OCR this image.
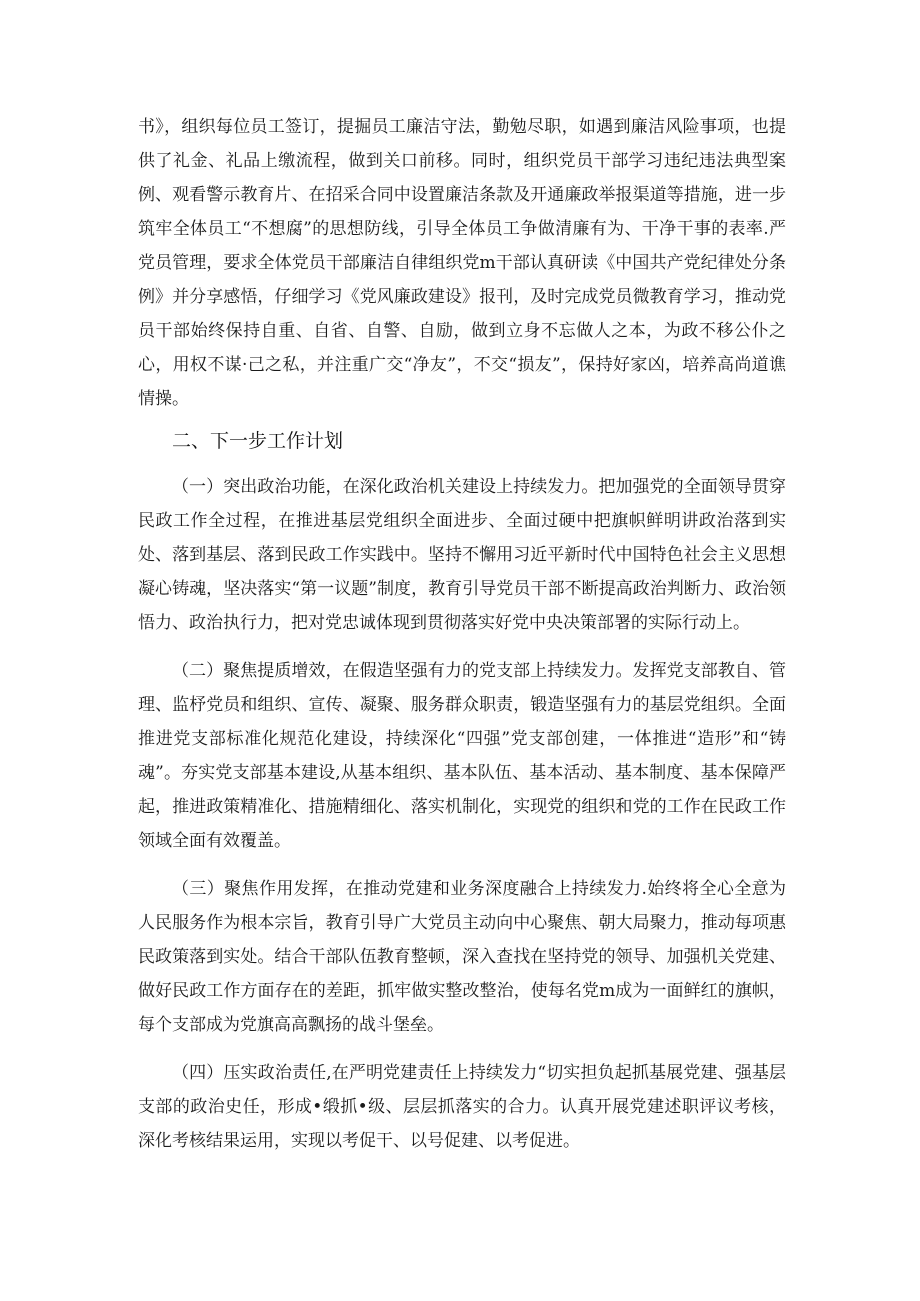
书》，组织每位员工签订，提掘员工廉洁守法，勤勉尽职，如遇到廉洁风险事项，也提供了礼金、礼品上缴流程，做到关口前移。同时，组织党员干部学习违纪违法典型案例、观看警示教育片、在招采合同中设置廉洁条款及开通廉政举报渠道等措施，进一步筑牢全体员工“不想腐”的思想防线，引导全体员工争做清廉有为、干净干事的表率.严党员管理，要求全体党员干部廉洁自律组织党m干部认真研读《中国共产党纪律处分条例》并分享感悟，仔细学习《党风廉政建设》报刊，及时完成党员微教育学习，推动党员干部始终保持自重、自省、自警、自励，做到立身不忘做人之本，为政不移公仆之心，用权不谋·己之私，并注重广交“净友”，不交“损友”，保持好家凶，培养高尚道谯情操。

二、下一步工作计划

（一）突出政治功能，在深化政治机关建设上持续发力。把加强党的全面领导贯穿民政工作全过程，在推进基层党组织全面进步、全面过硬中把旗帜鲜明讲政治落到实处、落到基层、落到民政工作实践中。坚持不懈用习近平新时代中国特色社会主义思想凝心铸魂，坚决落实“第一议题”制度，教育引导党员干部不断提高政治判断力、政治领悟力、政治执行力，把对党忠诚体现到贯彻落实好党中央决策部署的实际行动上。

（二）聚焦提质增效，在假造坚强有力的党支部上持续发力。发挥党支部教自、管理、监杼党员和组织、宣传、凝聚、服务群众职责，锻造坚强有力的基层党组织。全面推进党支部标准化规范化建设，持续深化“四强”党支部创建，一体推进“造形”和“铸魂”。夯实党支部基本建设,从基本组织、基本队伍、基本活动、基本制度、基本保障严起，推进政策精准化、措施精细化、落实机制化，实现党的组织和党的工作在民政工作领域全面有效覆盖。

（三）聚焦作用发挥，在推动党建和业务深度融合上持续发力.始终将全心全意为人民服务作为根本宗旨，教育引导广大党员主动向中心聚焦、朝大局聚力，推动每项惠民政策落到实处。结合干部队伍教育整顿，深入查找在坚持党的领导、加强机关党建、做好民政工作方面存在的差距，抓牢做实整改整治，使每名党m成为一面鲜红的旗帜，每个支部成为党旗高高飘扬的战斗堡垒。

（四）压实政治责任,在严明党建责任上持续发力“切实担负起抓基展党建、强基层支部的政治史任，形成•缎抓•级、层层抓落实的合力。认真开展党建述职评议考核，深化考核结果运用，实现以考促干、以号促建、以考促进。
